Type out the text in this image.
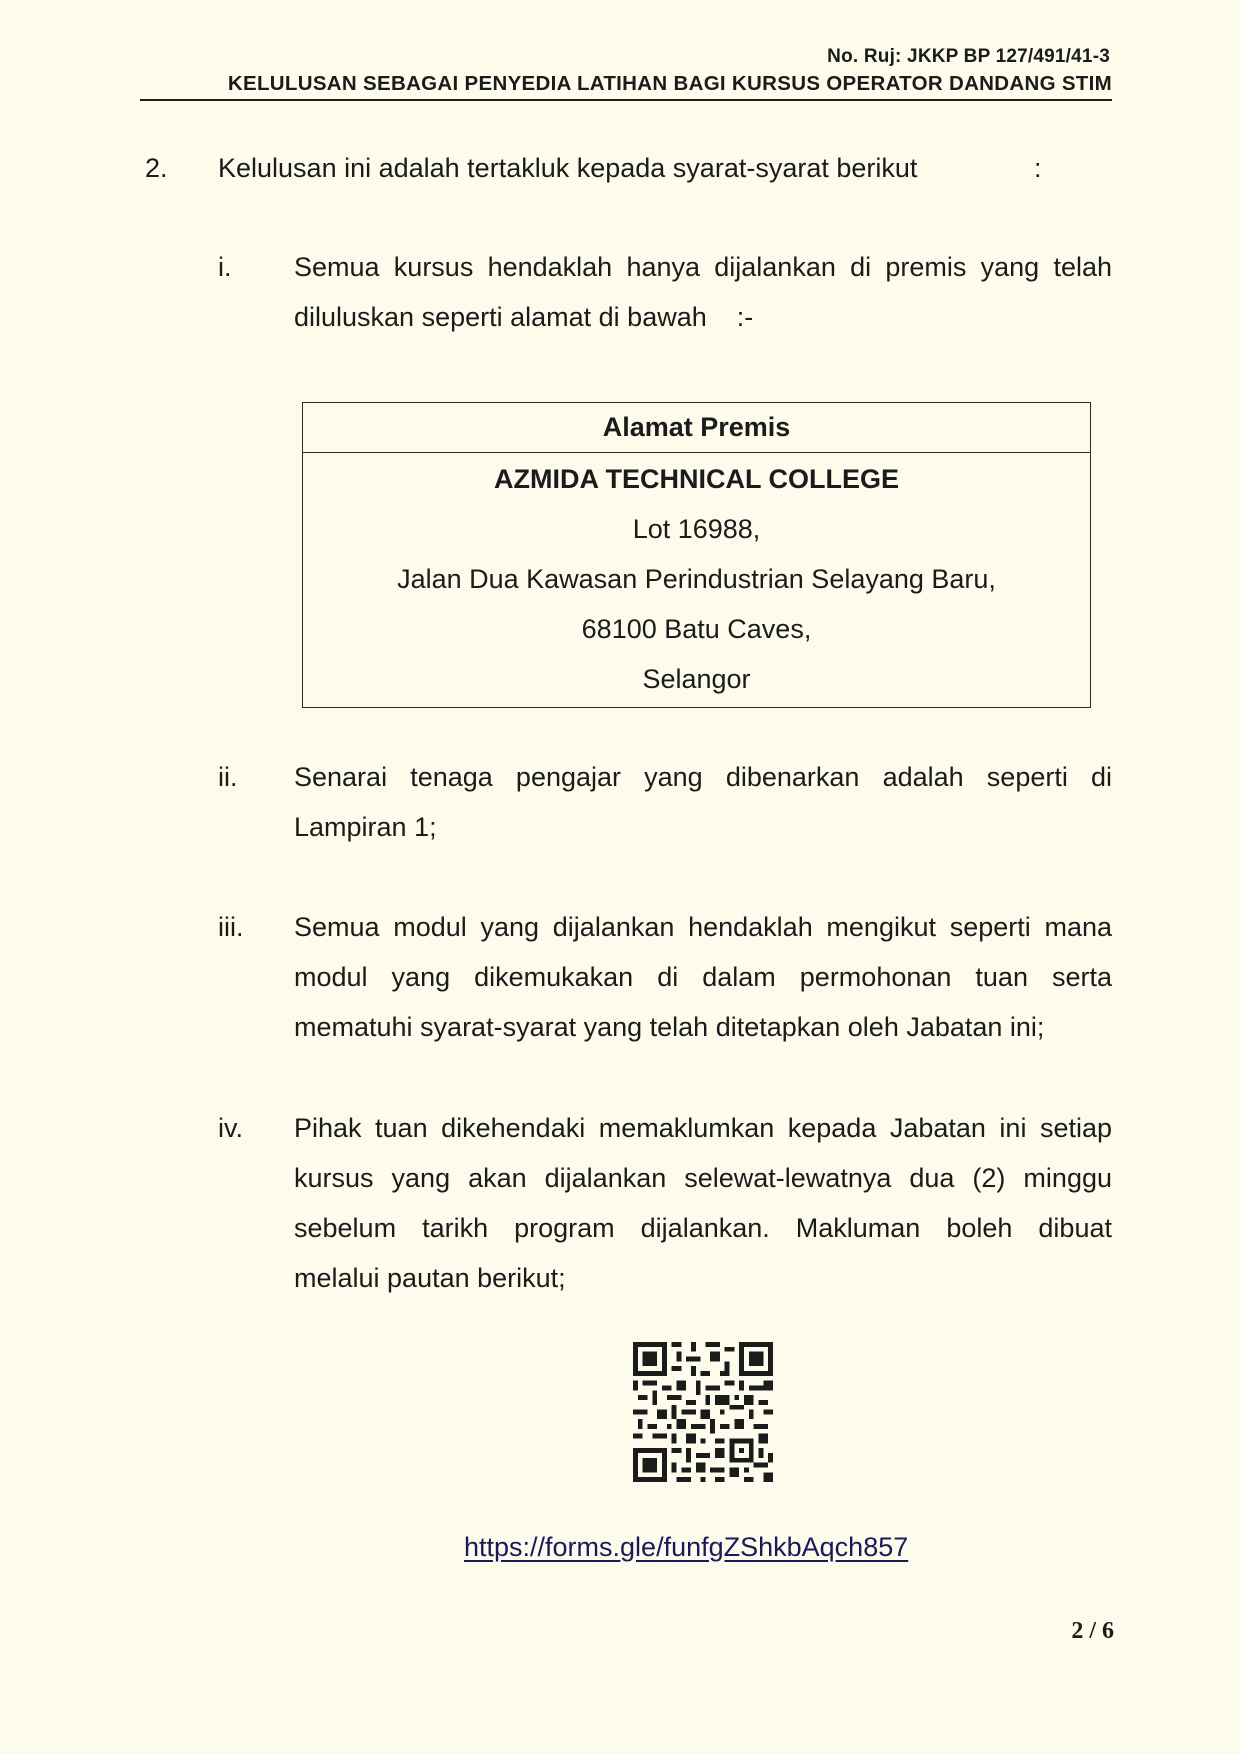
No. Ruj: JKKP BP 127/491/41-3
KELULUSAN SEBAGAI PENYEDIA LATIHAN BAGI KURSUS OPERATOR DANDANG STIM
2. Kelulusan ini adalah tertakluk kepada syarat-syarat berikut	:
i. Semua kursus hendaklah hanya dijalankan di premis yang telah
diluluskan seperti alamat di bawah    :-
Alamat Premis
AZMIDA TECHNICAL COLLEGE
Lot 16988,
Jalan Dua Kawasan Perindustrian Selayang Baru,
68100 Batu Caves,
Selangor
ii. Senarai tenaga pengajar yang dibenarkan adalah seperti di
Lampiran 1;
iii. Semua modul yang dijalankan hendaklah mengikut seperti mana
modul yang dikemukakan di dalam permohonan tuan serta
mematuhi syarat-syarat yang telah ditetapkan oleh Jabatan ini;
iv. Pihak tuan dikehendaki memaklumkan kepada Jabatan ini setiap
kursus yang akan dijalankan selewat-lewatnya dua (2) minggu
sebelum tarikh program dijalankan. Makluman boleh dibuat
melalui pautan berikut;
https://forms.gle/funfgZShkbAqch857
2 / 6
